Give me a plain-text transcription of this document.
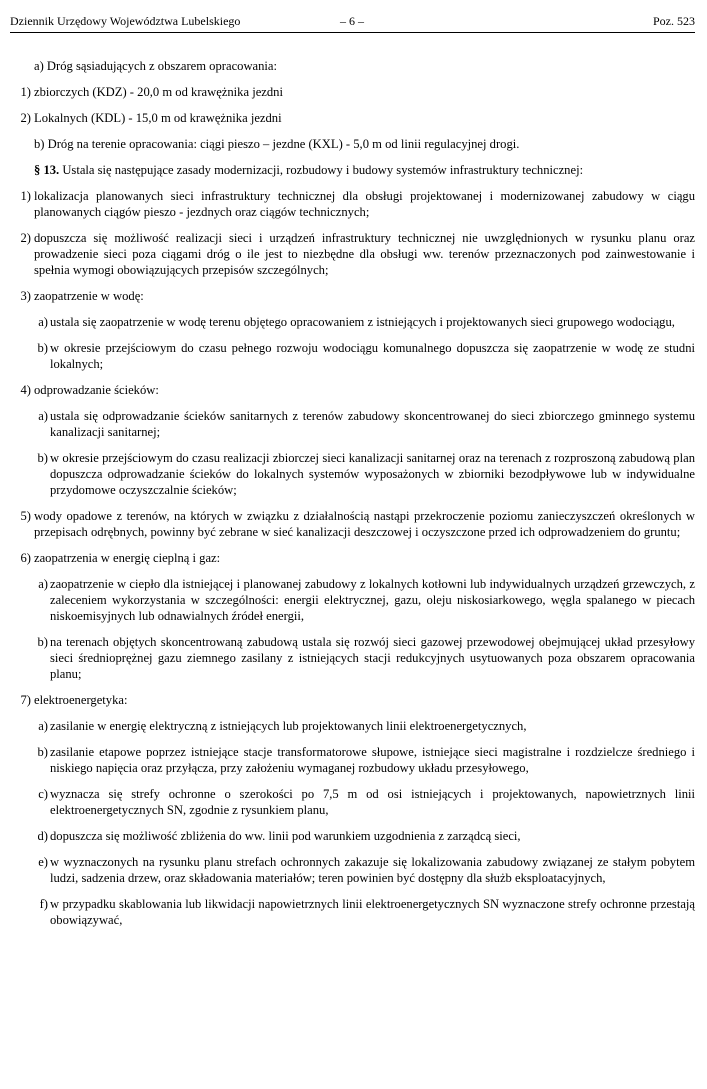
Dziennik Urzędowy Województwa Lubelskiego	– 6 –	Poz. 523
a) Dróg sąsiadujących z obszarem opracowania:
1) zbiorczych (KDZ) - 20,0 m od krawężnika jezdni
2) Lokalnych (KDL) - 15,0 m od krawężnika jezdni
b) Dróg na terenie opracowania: ciągi pieszo – jezdne (KXL) - 5,0 m od linii regulacyjnej drogi.
§ 13. Ustala się następujące zasady modernizacji, rozbudowy i budowy systemów infrastruktury technicznej:
1) lokalizacja planowanych sieci infrastruktury technicznej dla obsługi projektowanej i modernizowanej zabudowy w ciągu planowanych ciągów pieszo - jezdnych oraz ciągów technicznych;
2) dopuszcza się możliwość realizacji sieci i urządzeń infrastruktury technicznej nie uwzględnionych w rysunku planu oraz prowadzenie sieci poza ciągami dróg o ile jest to niezbędne dla obsługi ww. terenów przeznaczonych pod zainwestowanie i spełnia wymogi obowiązujących przepisów szczególnych;
3) zaopatrzenie w wodę:
a) ustala się zaopatrzenie w wodę terenu objętego opracowaniem z istniejących i projektowanych sieci grupowego wodociągu,
b) w okresie przejściowym do czasu pełnego rozwoju wodociągu komunalnego dopuszcza się zaopatrzenie w wodę ze studni lokalnych;
4) odprowadzanie ścieków:
a) ustala się odprowadzanie ścieków sanitarnych z terenów zabudowy skoncentrowanej do sieci zbiorczego gminnego systemu kanalizacji sanitarnej;
b) w okresie przejściowym do czasu realizacji zbiorczej sieci kanalizacji sanitarnej oraz na terenach z rozproszoną zabudową plan dopuszcza odprowadzanie ścieków do lokalnych systemów wyposażonych w zbiorniki bezodpływowe lub w indywidualne przydomowe oczyszczalnie ścieków;
5) wody opadowe z terenów, na których w związku z działalnością nastąpi przekroczenie poziomu zanieczyszczeń określonych w przepisach odrębnych, powinny być zebrane w sieć kanalizacji deszczowej i oczyszczone przed ich odprowadzeniem do gruntu;
6) zaopatrzenia w energię cieplną i gaz:
a) zaopatrzenie w ciepło dla istniejącej i planowanej zabudowy z lokalnych kotłowni lub indywidualnych urządzeń grzewczych, z zaleceniem wykorzystania w szczególności: energii elektrycznej, gazu, oleju niskosiarkowego, węgla spalanego w piecach niskoemisyjnych lub odnawialnych źródeł energii,
b) na terenach objętych skoncentrowaną zabudową ustala się rozwój sieci gazowej przewodowej obejmującej układ przesyłowy sieci średnioprężnej gazu ziemnego zasilany z istniejących stacji redukcyjnych usytuowanych poza obszarem opracowania planu;
7) elektroenergetyka:
a) zasilanie w energię elektryczną z istniejących lub projektowanych linii elektroenergetycznych,
b) zasilanie etapowe poprzez istniejące stacje transformatorowe słupowe, istniejące sieci magistralne i rozdzielcze średniego i niskiego napięcia oraz przyłącza, przy założeniu wymaganej rozbudowy układu przesyłowego,
c) wyznacza się strefy ochronne o szerokości po 7,5 m od osi istniejących i projektowanych, napowietrznych linii elektroenergetycznych SN, zgodnie z rysunkiem planu,
d) dopuszcza się możliwość zbliżenia do ww. linii pod warunkiem uzgodnienia z zarządcą sieci,
e) w wyznaczonych na rysunku planu strefach ochronnych zakazuje się lokalizowania zabudowy związanej ze stałym pobytem ludzi, sadzenia drzew, oraz składowania materiałów; teren powinien być dostępny dla służb eksploatacyjnych,
f) w przypadku skablowania lub likwidacji napowietrznych linii elektroenergetycznych SN wyznaczone strefy ochronne przestają obowiązywać,
